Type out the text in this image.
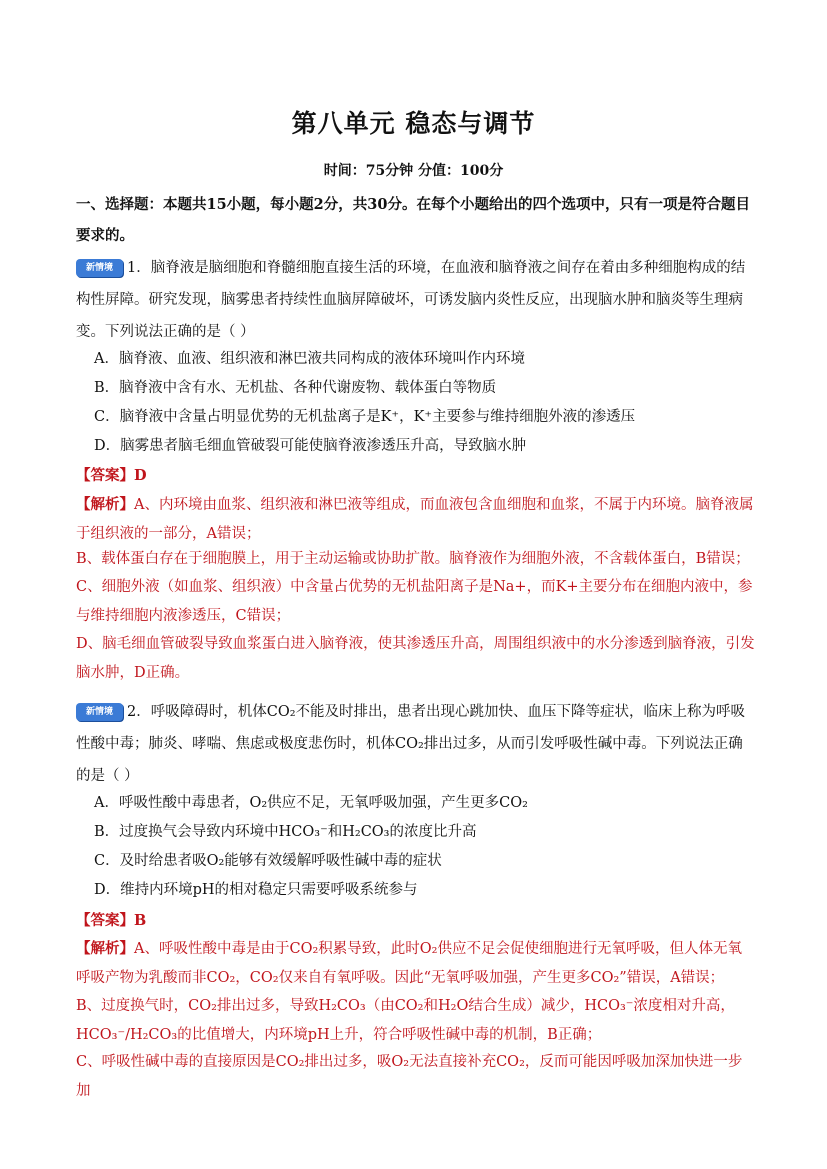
第八单元 稳态与调节
时间：75分钟 分值：100分
一、选择题：本题共15小题，每小题2分，共30分。在每个小题给出的四个选项中，只有一项是符合题目要求的。
新情境 1．脑脊液是脑细胞和脊髓细胞直接生活的环境，在血液和脑脊液之间存在着由多种细胞构成的结构性屏障。研究发现，脑雾患者持续性血脑屏障破坏，可诱发脑内炎性反应，出现脑水肿和脑炎等生理病变。下列说法正确的是（ ）
A．脑脊液、血液、组织液和淋巴液共同构成的液体环境叫作内环境
B．脑脊液中含有水、无机盐、各种代谢废物、载体蛋白等物质
C．脑脊液中含量占明显优势的无机盐离子是K⁺，K⁺主要参与维持细胞外液的渗透压
D．脑雾患者脑毛细血管破裂可能使脑脊液渗透压升高，导致脑水肿
【答案】D
【解析】A、内环境由血浆、组织液和淋巴液等组成，而血液包含血细胞和血浆，不属于内环境。脑脊液属于组织液的一部分，A错误；
B、载体蛋白存在于细胞膜上，用于主动运输或协助扩散。脑脊液作为细胞外液，不含载体蛋白，B错误；
C、细胞外液（如血浆、组织液）中含量占优势的无机盐阳离子是Na+，而K+主要分布在细胞内液中，参与维持细胞内液渗透压，C错误；
D、脑毛细血管破裂导致血浆蛋白进入脑脊液，使其渗透压升高，周围组织液中的水分渗透到脑脊液，引发脑水肿，D正确。
新情境 2．呼吸障碍时，机体CO₂不能及时排出，患者出现心跳加快、血压下降等症状，临床上称为呼吸性酸中毒；肺炎、哮喘、焦虑或极度悲伤时，机体CO₂排出过多，从而引发呼吸性碱中毒。下列说法正确的是（ ）
A．呼吸性酸中毒患者，O₂供应不足，无氧呼吸加强，产生更多CO₂
B．过度换气会导致内环境中HCO₃⁻和H₂CO₃的浓度比升高
C．及时给患者吸O₂能够有效缓解呼吸性碱中毒的症状
D．维持内环境pH的相对稳定只需要呼吸系统参与
【答案】B
【解析】A、呼吸性酸中毒是由于CO₂积累导致，此时O₂供应不足会促使细胞进行无氧呼吸，但人体无氧呼吸产物为乳酸而非CO₂，CO₂仅来自有氧呼吸。因此“无氧呼吸加强，产生更多CO₂”错误，A错误；
B、过度换气时，CO₂排出过多，导致H₂CO₃（由CO₂和H₂O结合生成）减少，HCO₃⁻浓度相对升高，HCO₃⁻/H₂CO₃的比值增大，内环境pH上升，符合呼吸性碱中毒的机制，B正确；
C、呼吸性碱中毒的直接原因是CO₂排出过多，吸O₂无法直接补充CO₂，反而可能因呼吸加深加快进一步加
